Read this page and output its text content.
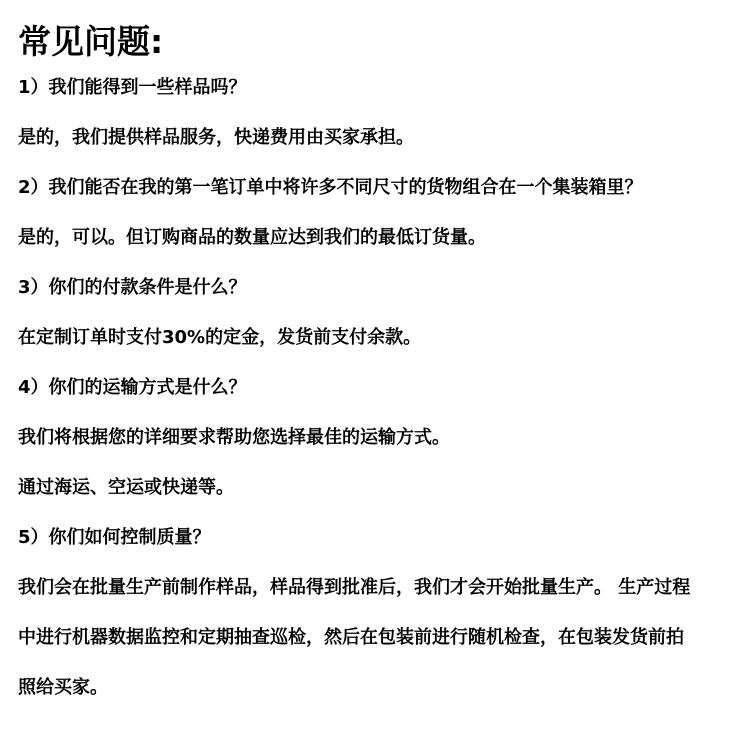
常见问题:
1）我们能得到一些样品吗？
是的，我们提供样品服务，快递费用由买家承担。
2）我们能否在我的第一笔订单中将许多不同尺寸的货物组合在一个集装箱里？
是的，可以。但订购商品的数量应达到我们的最低订货量。
3）你们的付款条件是什么？
在定制订单时支付30%的定金，发货前支付余款。
4）你们的运输方式是什么？
我们将根据您的详细要求帮助您选择最佳的运输方式。
通过海运、空运或快递等。
5）你们如何控制质量？
我们会在批量生产前制作样品，样品得到批准后，我们才会开始批量生产。 生产过程
中进行机器数据监控和定期抽查巡检，然后在包装前进行随机检查，在包装发货前拍
照给买家。
